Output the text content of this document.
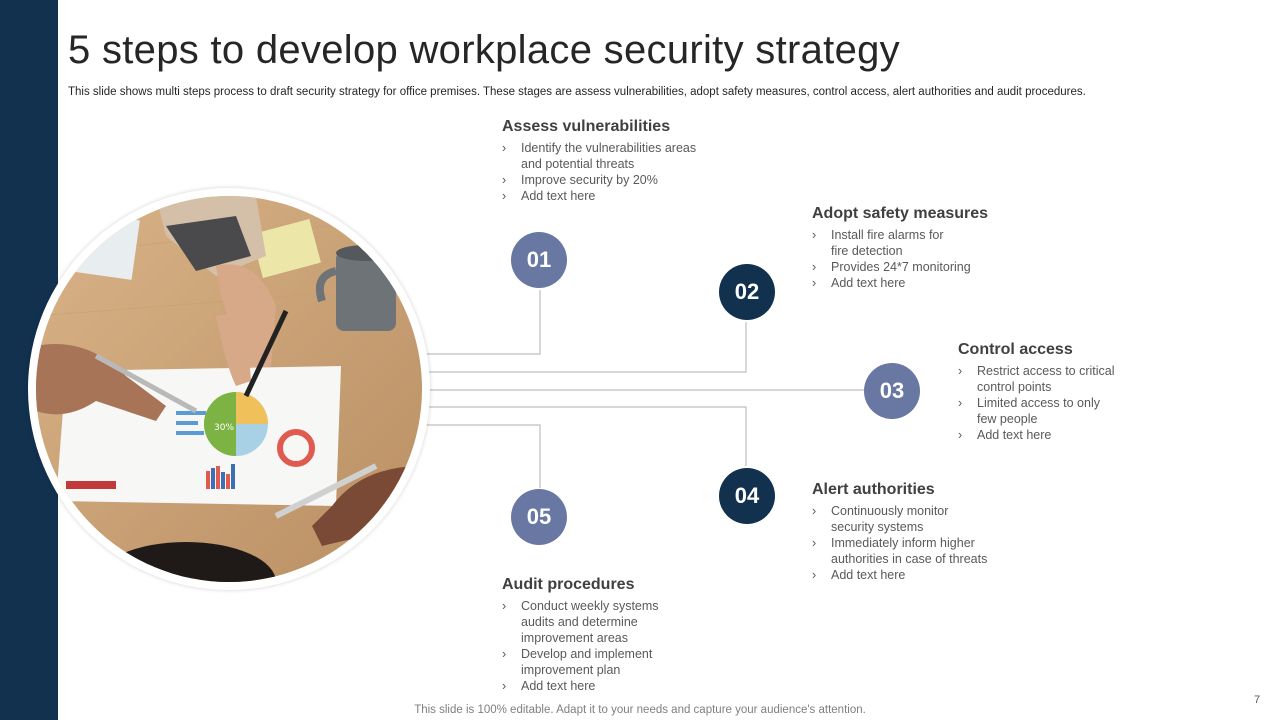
5 steps to develop workplace security strategy
This slide shows multi steps process to draft security strategy for office premises. These stages are assess vulnerabilities, adopt safety measures, control access, alert authorities and audit procedures.
30%
01
02
03
04
05
Assess vulnerabilities
› Identify the vulnerabilities areas
and potential threats
› Improve security by 20%
› Add text here
Adopt safety measures
› Install fire alarms for
fire detection
› Provides 24*7 monitoring
› Add text here
Control access
› Restrict access to critical
control points
› Limited access to only
few people
› Add text here
Alert authorities
› Continuously monitor
security systems
› Immediately inform higher
authorities in case of threats
› Add text here
Audit procedures
› Conduct weekly systems
audits and determine
improvement areas
› Develop and implement
improvement plan
› Add text here
This slide is 100% editable. Adapt it to your needs and capture your audience's attention.
7
